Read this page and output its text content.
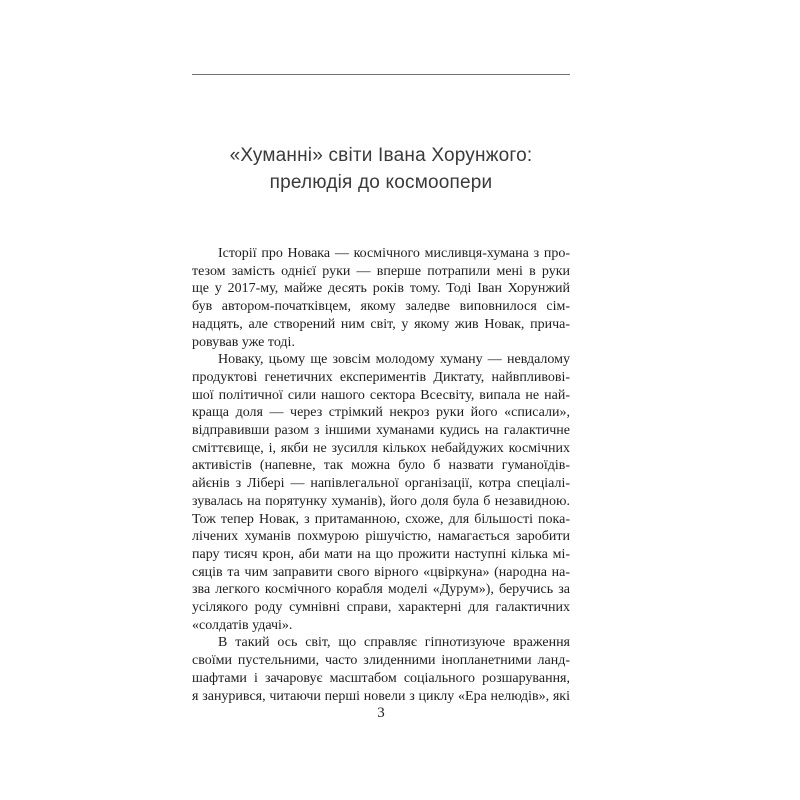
«Хуманні» світи Івана Хорунжого:
прелюдія до космоопери
Історії про Новака — космічного мисливця-хумана з про-
тезом замість однієї руки — вперше потрапили мені в руки
ще у 2017-му, майже десять років тому. Тоді Іван Хорунжий
був автором-початківцем, якому заледве виповнилося сім-
надцять, але створений ним світ, у якому жив Новак, прича-
ровував уже тоді.
Новаку, цьому ще зовсім молодому хуману — невдалому
продуктові генетичних експериментів Диктату, найвпливові-
шої політичної сили нашого сектора Всесвіту, випала не най-
краща доля — через стрімкий некроз руки його «списали»,
відправивши разом з іншими хуманами кудись на галактичне
сміттєвище, і, якби не зусилля кількох небайдужих космічних
активістів (напевне, так можна було б назвати гуманоїдів-
айєнів з Лібері — напівлегальної організації, котра спеціалі-
зувалась на порятунку хуманів), його доля була б незавидною.
Тож тепер Новак, з притаманною, схоже, для більшості пока-
лічених хуманів похмурою рішучістю, намагається заробити
пару тисяч крон, аби мати на що прожити наступні кілька мі-
сяців та чим заправити свого вірного «цвіркуна» (народна на-
зва легкого космічного корабля моделі «Дурум»), беручись за
усілякого роду сумнівні справи, характерні для галактичних
«солдатів удачі».
В такий ось світ, що справляє гіпнотизуюче враження
своїми пустельними, часто злиденними інопланетними ланд-
шафтами і зачаровує масштабом соціального розшарування,
я занурився, читаючи перші новели з циклу «Ера нелюдів», які
3
